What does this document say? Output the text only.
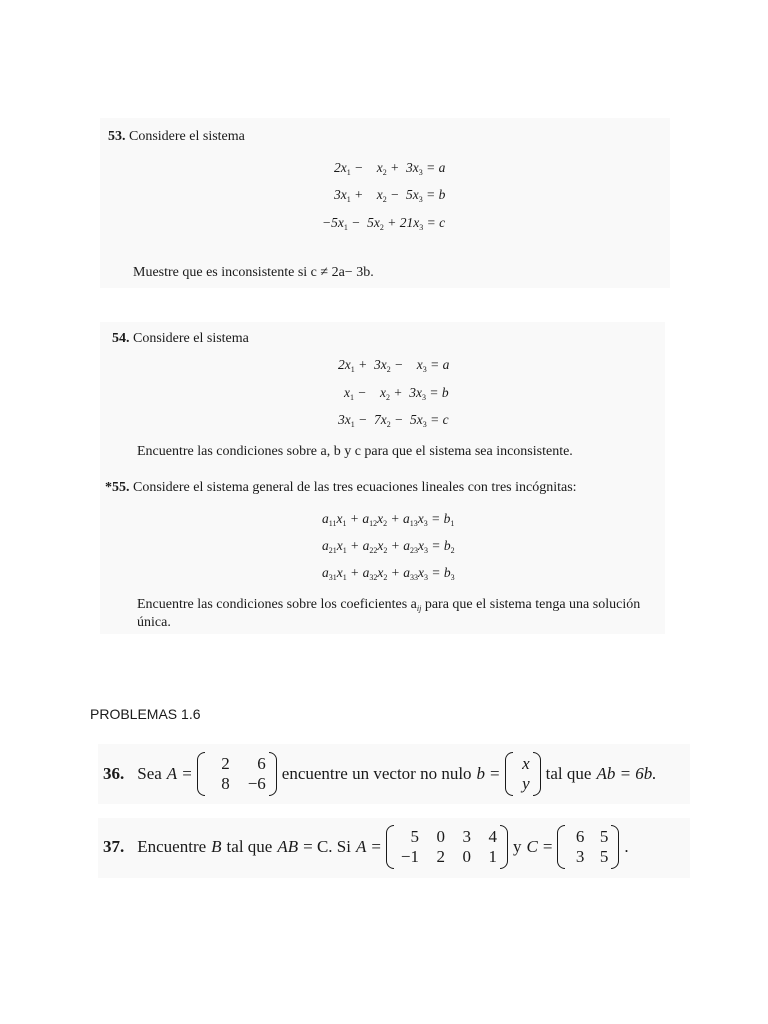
53. Considere el sistema
$2x_1$ −    $x_2 + 3x_3 = a$
$3x_1$ +    $x_2 - 5x_3 = b$
$-5x_1 - 5x_2 + 21x_3 = c$
Muestre que es inconsistente si c ≠ 2a− 3b.
54. Considere el sistema
$2x_1 + 3x_2$ −    $x_3 = a$
$x_1$ −    $x_2 + 3x_3 = b$
$3x_1 - 7x_2 - 5x_3 = c$
Encuentre las condiciones sobre a, b y c para que el sistema sea inconsistente.
*55. Considere el sistema general de las tres ecuaciones lineales con tres incógnitas:
$a_{11}x_1 + a_{12}x_2 + a_{13}x_3 = b_1$
$a_{21}x_1 + a_{22}x_2 + a_{23}x_3 = b_2$
$a_{31}x_1 + a_{32}x_2 + a_{33}x_3 = b_3$
Encuentre las condiciones sobre los coeficientes $a_{ij}$ para que el sistema tenga una solución
única.
PROBLEMAS 1.6
36. Sea A =
2	6
8	−6
encuentre un vector no nulo b =
x
y
tal que Ab = 6b.
37. Encuentre B tal que AB = C. Si A =
5	0	3	4
−1	2	0	1
y C =
6 5
3 5
.
